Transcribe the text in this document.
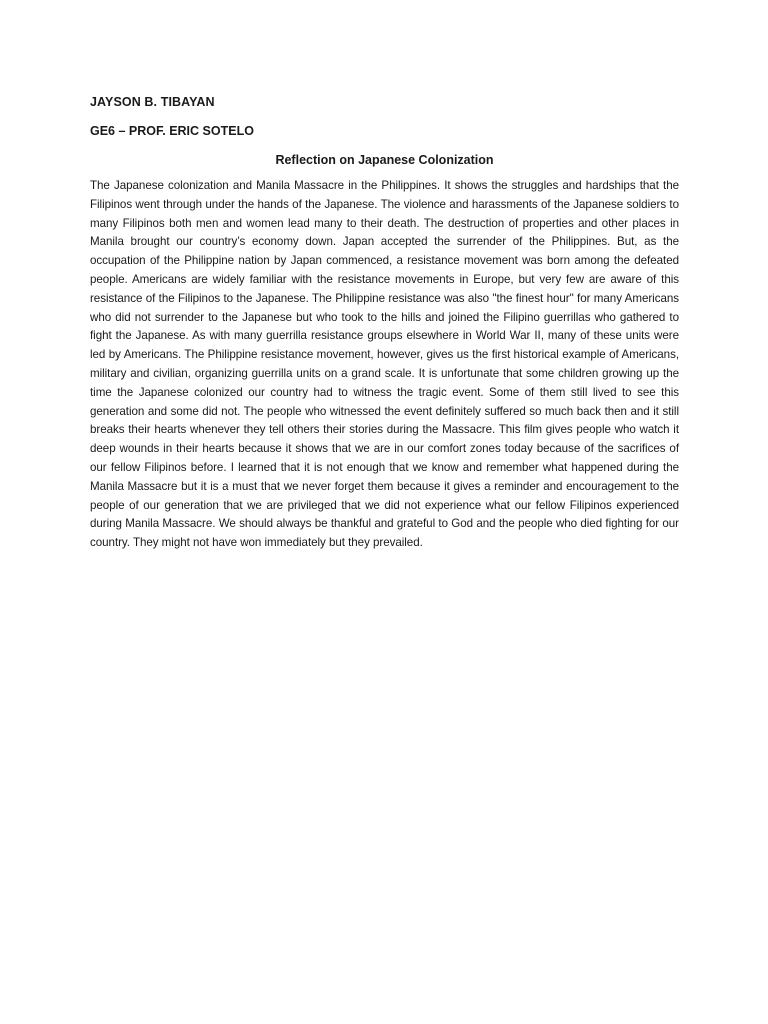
JAYSON B. TIBAYAN

GE6 – PROF. ERIC SOTELO

Reflection on Japanese Colonization

The Japanese colonization and Manila Massacre in the Philippines. It shows the struggles and hardships that the Filipinos went through under the hands of the Japanese. The violence and harassments of the Japanese soldiers to many Filipinos both men and women lead many to their death. The destruction of properties and other places in Manila brought our country’s economy down. Japan accepted the surrender of the Philippines. But, as the occupation of the Philippine nation by Japan commenced, a resistance movement was born among the defeated people. Americans are widely familiar with the resistance movements in Europe, but very few are aware of this resistance of the Filipinos to the Japanese. The Philippine resistance was also "the finest hour" for many Americans who did not surrender to the Japanese but who took to the hills and joined the Filipino guerrillas who gathered to fight the Japanese. As with many guerrilla resistance groups elsewhere in World War II, many of these units were led by Americans. The Philippine resistance movement, however, gives us the first historical example of Americans, military and civilian, organizing guerrilla units on a grand scale. It is unfortunate that some children growing up the time the Japanese colonized our country had to witness the tragic event. Some of them still lived to see this generation and some did not. The people who witnessed the event definitely suffered so much back then and it still breaks their hearts whenever they tell others their stories during the Massacre. This film gives people who watch it deep wounds in their hearts because it shows that we are in our comfort zones today because of the sacrifices of our fellow Filipinos before. I learned that it is not enough that we know and remember what happened during the Manila Massacre but it is a must that we never forget them because it gives a reminder and encouragement to the people of our generation that we are privileged that we did not experience what our fellow Filipinos experienced during Manila Massacre. We should always be thankful and grateful to God and the people who died fighting for our country. They might not have won immediately but they prevailed.
